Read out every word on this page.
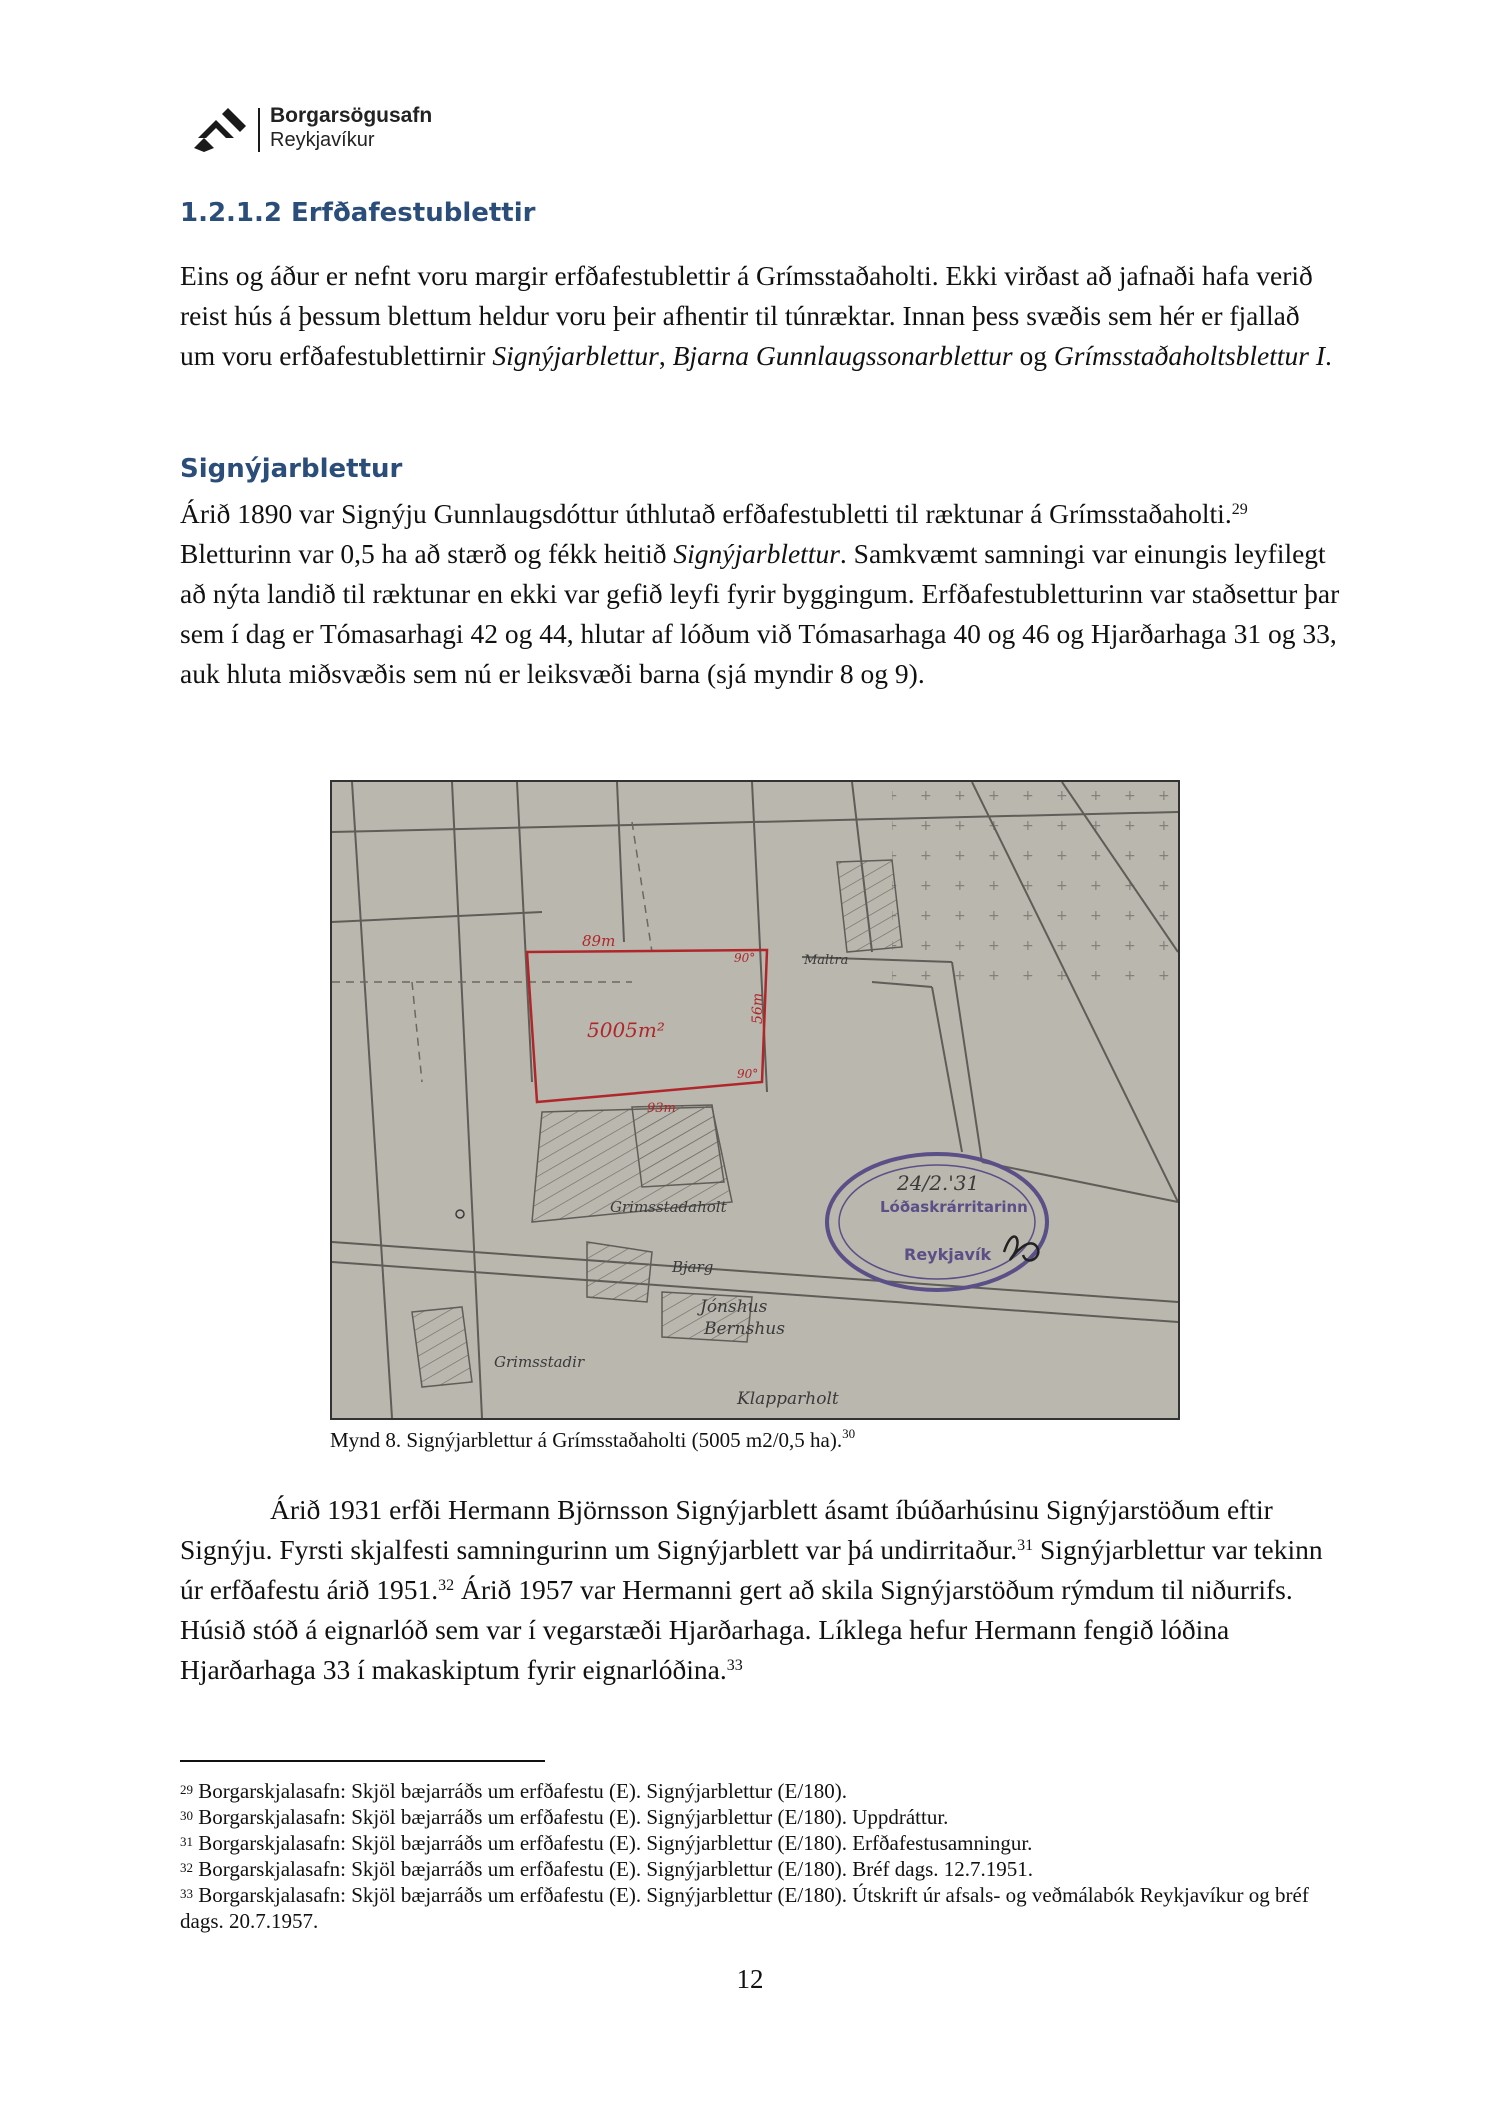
Borgarsögusafn
Reykjavíkur
1.2.1.2 Erfðafestublettir
Eins og áður er nefnt voru margir erfðafestublettir á Grímsstaðaholti. Ekki virðast að jafnaði hafa verið reist hús á þessum blettum heldur voru þeir afhentir til túnræktar. Innan þess svæðis sem hér er fjallað um voru erfðafestublettirnir Signýjarblettur, Bjarna Gunnlaugssonarblettur og Grímsstaðaholtsblettur I.
Signýjarblettur
Árið 1890 var Signýju Gunnlaugsdóttur úthlutað erfðafestubletti til ræktunar á Grímsstaðaholti.$^{29}$ Bletturinn var 0,5 ha að stærð og fékk heitið Signýjarblettur. Samkvæmt samningi var einungis leyfilegt að nýta landið til ræktunar en ekki var gefið leyfi fyrir byggingum. Erfðafestubletturinn var staðsettur þar sem í dag er Tómasarhagi 42 og 44, hlutar af lóðum við Tómasarhaga 40 og 46 og Hjarðarhaga 31 og 33, auk hluta miðsvæðis sem nú er leiksvæði barna (sjá myndir 8 og 9).
89m
90°
5005m²
56m
90°
93m
Maltra
Grimsstadaholt
Grimsstadir
Bjarg
Jónshus
Bernshus
Klapparholt
24/2.'31
Lóðaskrárritarinn
Reykjavík
Mynd 8. Signýjarblettur á Grímsstaðaholti (5005 m2/0,5 ha).$^{30}$
Árið 1931 erfði Hermann Björnsson Signýjarblett ásamt íbúðarhúsinu Signýjarstöðum eftir Signýju. Fyrsti skjalfesti samningurinn um Signýjarblett var þá undirritaður.$^{31}$ Signýjarblettur var tekinn úr erfðafestu árið 1951.32 Árið 1957 var Hermanni gert að skila Signýjarstöðum rýmdum til niðurrifs. Húsið stóð á eignarlóð sem var í vegarstæði Hjarðarhaga. Líklega hefur Hermann fengið lóðina Hjarðarhaga 33 í makaskiptum fyrir eignarlóðina.$^{33}$
$^{29}$ Borgarskjalasafn: Skjöl bæjarráðs um erfðafestu (E). Signýjarblettur (E/180).
$^{30}$ Borgarskjalasafn: Skjöl bæjarráðs um erfðafestu (E). Signýjarblettur (E/180). Uppdráttur.
$^{31}$ Borgarskjalasafn: Skjöl bæjarráðs um erfðafestu (E). Signýjarblettur (E/180). Erfðafestusamningur.
$^{32}$ Borgarskjalasafn: Skjöl bæjarráðs um erfðafestu (E). Signýjarblettur (E/180). Bréf dags. 12.7.1951.
$^{33}$ Borgarskjalasafn: Skjöl bæjarráðs um erfðafestu (E). Signýjarblettur (E/180). Útskrift úr afsals- og veðmálabók Reykjavíkur og bréf dags. 20.7.1957.
12
